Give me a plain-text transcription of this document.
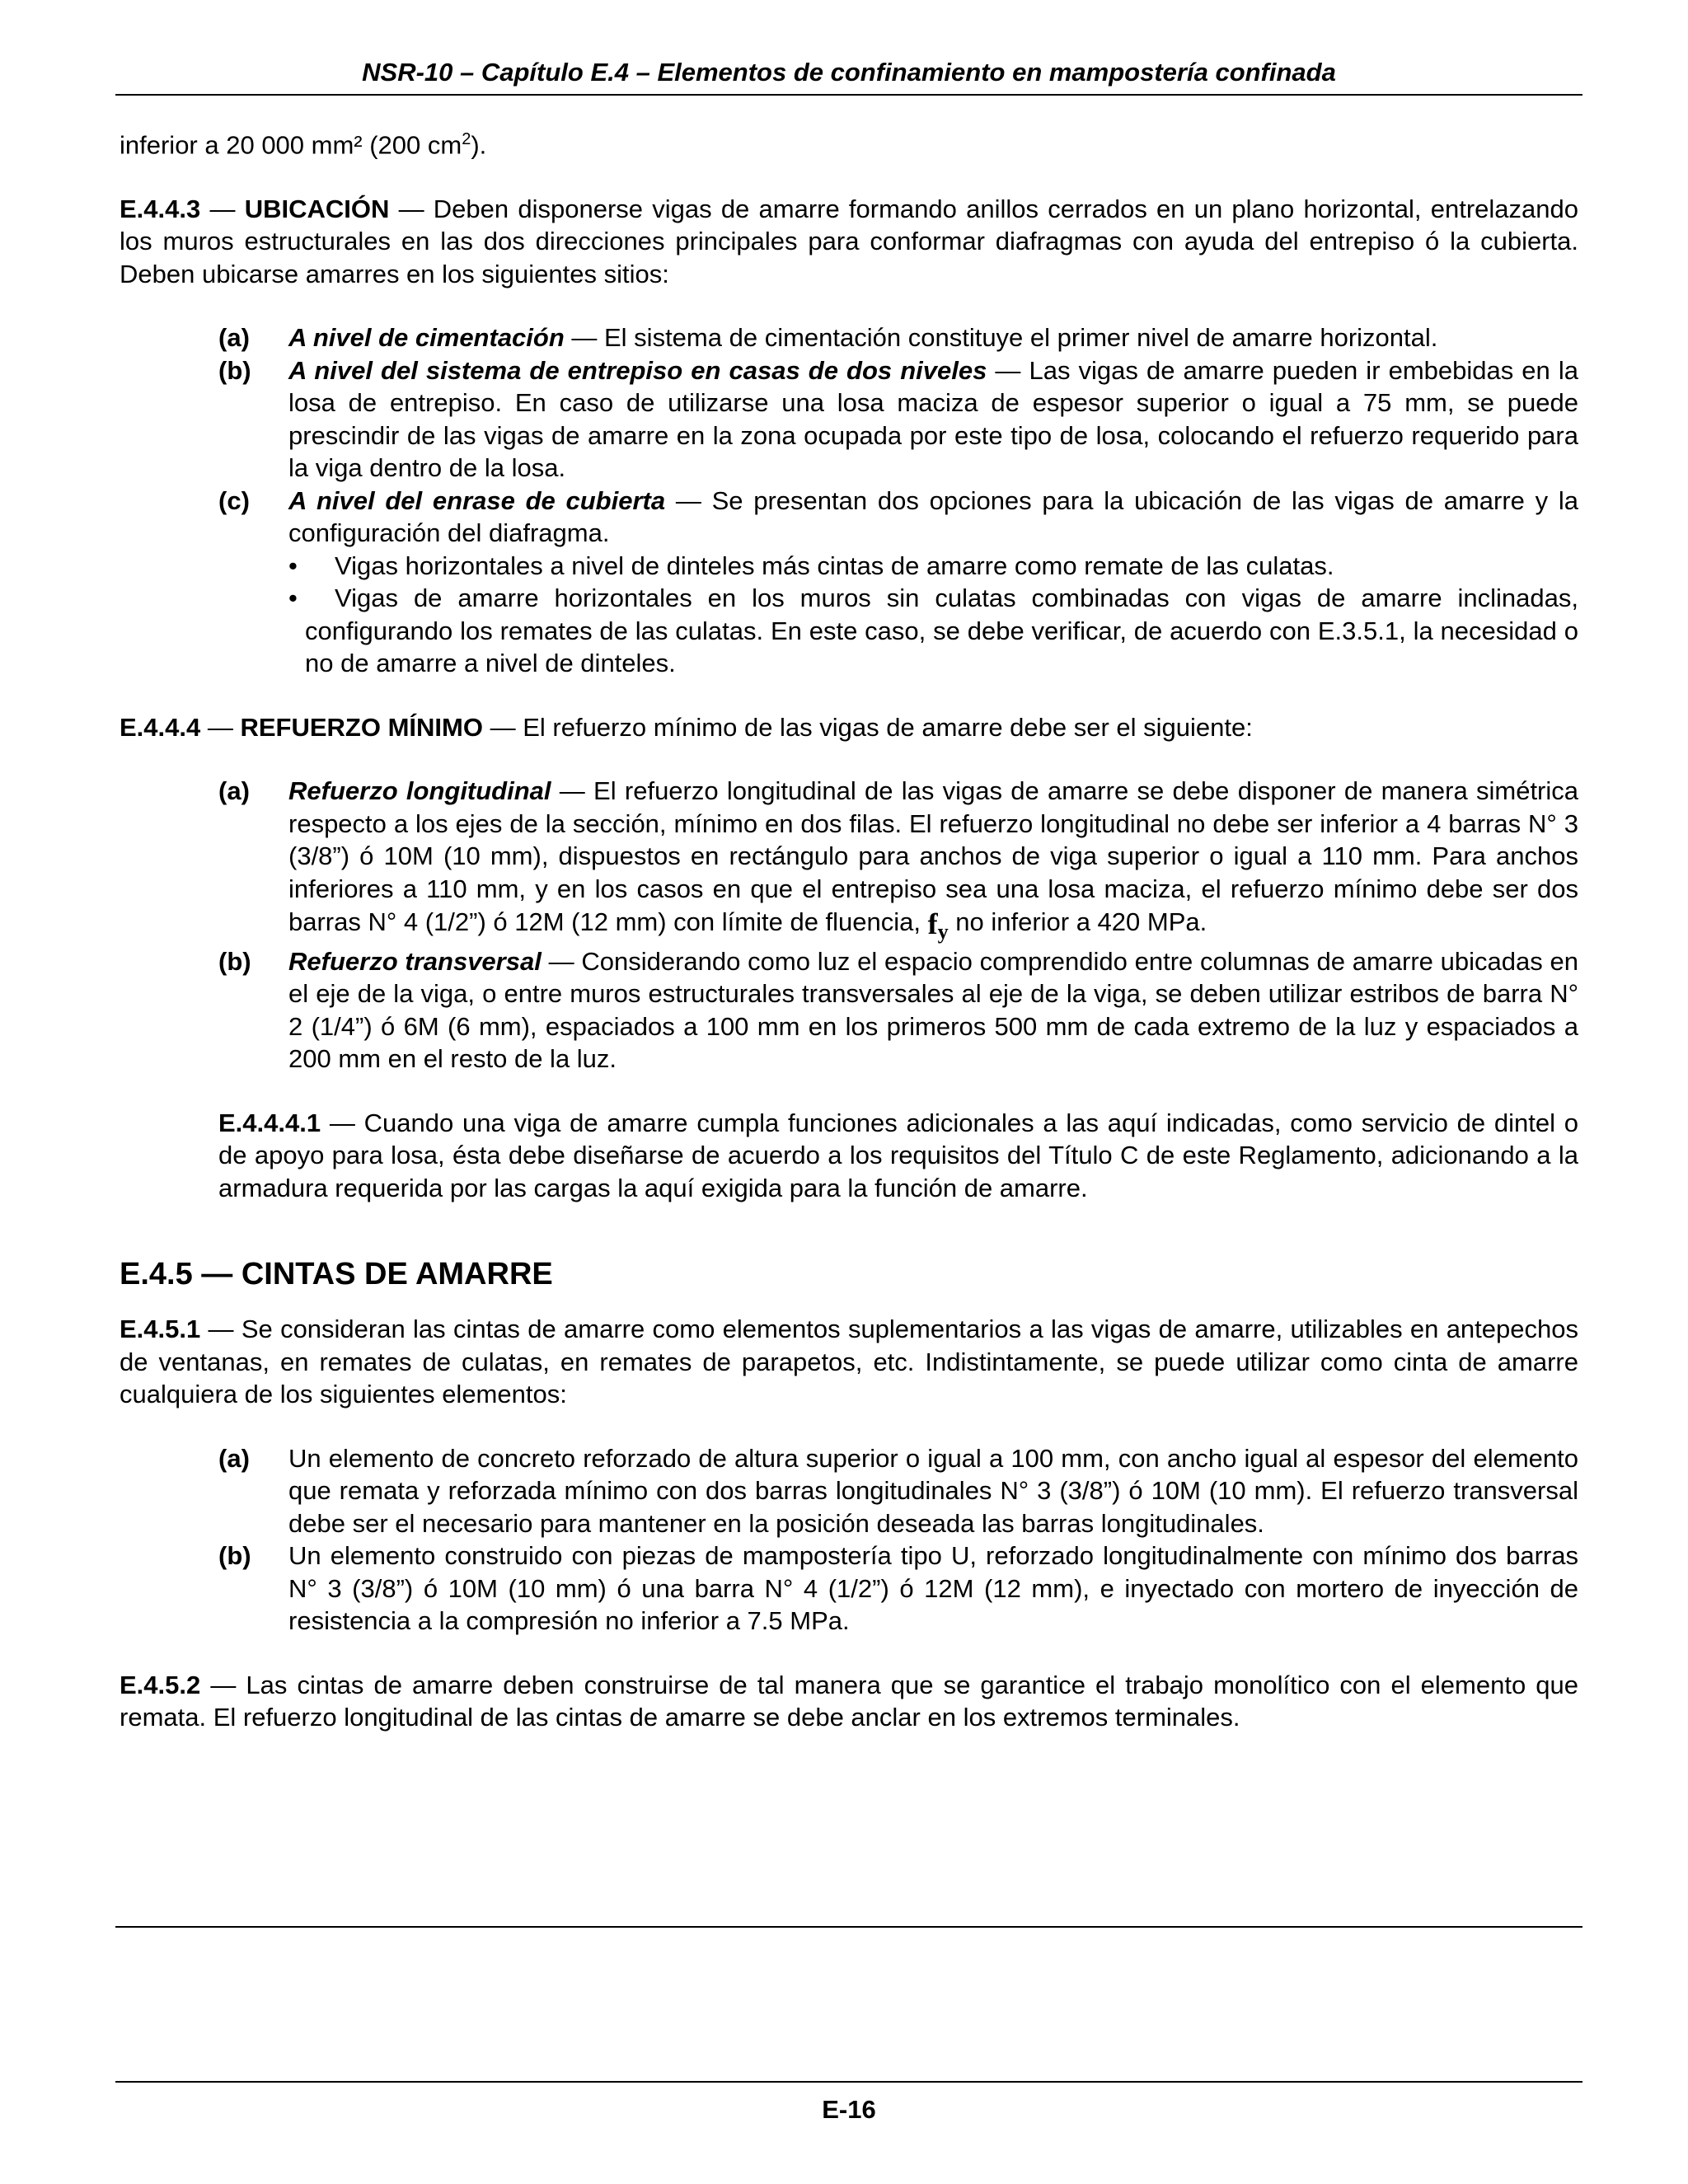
NSR-10 – Capítulo E.4 – Elementos de confinamiento en mampostería confinada

inferior a 20 000 mm² (200 $cm^2$).

E.4.4.3 — UBICACIÓN — Deben disponerse vigas de amarre formando anillos cerrados en un plano horizontal, entrelazando los muros estructurales en las dos direcciones principales para conformar diafragmas con ayuda del entrepiso ó la cubierta. Deben ubicarse amarres en los siguientes sitios:

(a) A nivel de cimentación — El sistema de cimentación constituye el primer nivel de amarre horizontal.
(b) A nivel del sistema de entrepiso en casas de dos niveles — Las vigas de amarre pueden ir embebidas en la losa de entrepiso. En caso de utilizarse una losa maciza de espesor superior o igual a 75 mm, se puede prescindir de las vigas de amarre en la zona ocupada por este tipo de losa, colocando el refuerzo requerido para la viga dentro de la losa.
(c) A nivel del enrase de cubierta — Se presentan dos opciones para la ubicación de las vigas de amarre y la configuración del diafragma.
• Vigas horizontales a nivel de dinteles más cintas de amarre como remate de las culatas.
•	Vigas de amarre horizontales en los muros sin culatas combinadas con vigas de amarre inclinadas, configurando los remates de las culatas. En este caso, se debe verificar, de acuerdo con E.3.5.1, la necesidad o no de amarre a nivel de dinteles.

E.4.4.4 — REFUERZO MÍNIMO — El refuerzo mínimo de las vigas de amarre debe ser el siguiente:

(a) Refuerzo longitudinal — El refuerzo longitudinal de las vigas de amarre se debe disponer de manera simétrica respecto a los ejes de la sección, mínimo en dos filas. El refuerzo longitudinal no debe ser inferior a 4 barras N° 3 (3/8”) ó 10M (10 mm), dispuestos en rectángulo para anchos de viga superior o igual a 110 mm. Para anchos inferiores a 110 mm, y en los casos en que el entrepiso sea una losa maciza, el refuerzo mínimo debe ser dos barras N° 4 (1/2”) ó 12M (12 mm) con límite de fluencia, $f_y$ no inferior a 420 MPa.
(b) Refuerzo transversal — Considerando como luz el espacio comprendido entre columnas de amarre ubicadas en el eje de la viga, o entre muros estructurales transversales al eje de la viga, se deben utilizar estribos de barra N° 2 (1/4”) ó 6M (6 mm), espaciados a 100 mm en los primeros 500 mm de cada extremo de la luz y espaciados a 200 mm en el resto de la luz.

E.4.4.4.1 — Cuando una viga de amarre cumpla funciones adicionales a las aquí indicadas, como servicio de dintel o de apoyo para losa, ésta debe diseñarse de acuerdo a los requisitos del Título C de este Reglamento, adicionando a la armadura requerida por las cargas la aquí exigida para la función de amarre.

E.4.5 — CINTAS DE AMARRE

E.4.5.1 — Se consideran las cintas de amarre como elementos suplementarios a las vigas de amarre, utilizables en antepechos de ventanas, en remates de culatas, en remates de parapetos, etc. Indistintamente, se puede utilizar como cinta de amarre cualquiera de los siguientes elementos:

(a) Un elemento de concreto reforzado de altura superior o igual a 100 mm, con ancho igual al espesor del elemento que remata y reforzada mínimo con dos barras longitudinales N° 3 (3/8”) ó 10M (10 mm). El refuerzo transversal debe ser el necesario para mantener en la posición deseada las barras longitudinales.
(b) Un elemento construido con piezas de mampostería tipo U, reforzado longitudinalmente con mínimo dos barras N° 3 (3/8”) ó 10M (10 mm) ó una barra N° 4 (1/2”) ó 12M (12 mm), e inyectado con mortero de inyección de resistencia a la compresión no inferior a 7.5 MPa.

E.4.5.2 — Las cintas de amarre deben construirse de tal manera que se garantice el trabajo monolítico con el elemento que remata. El refuerzo longitudinal de las cintas de amarre se debe anclar en los extremos terminales.

E-16
